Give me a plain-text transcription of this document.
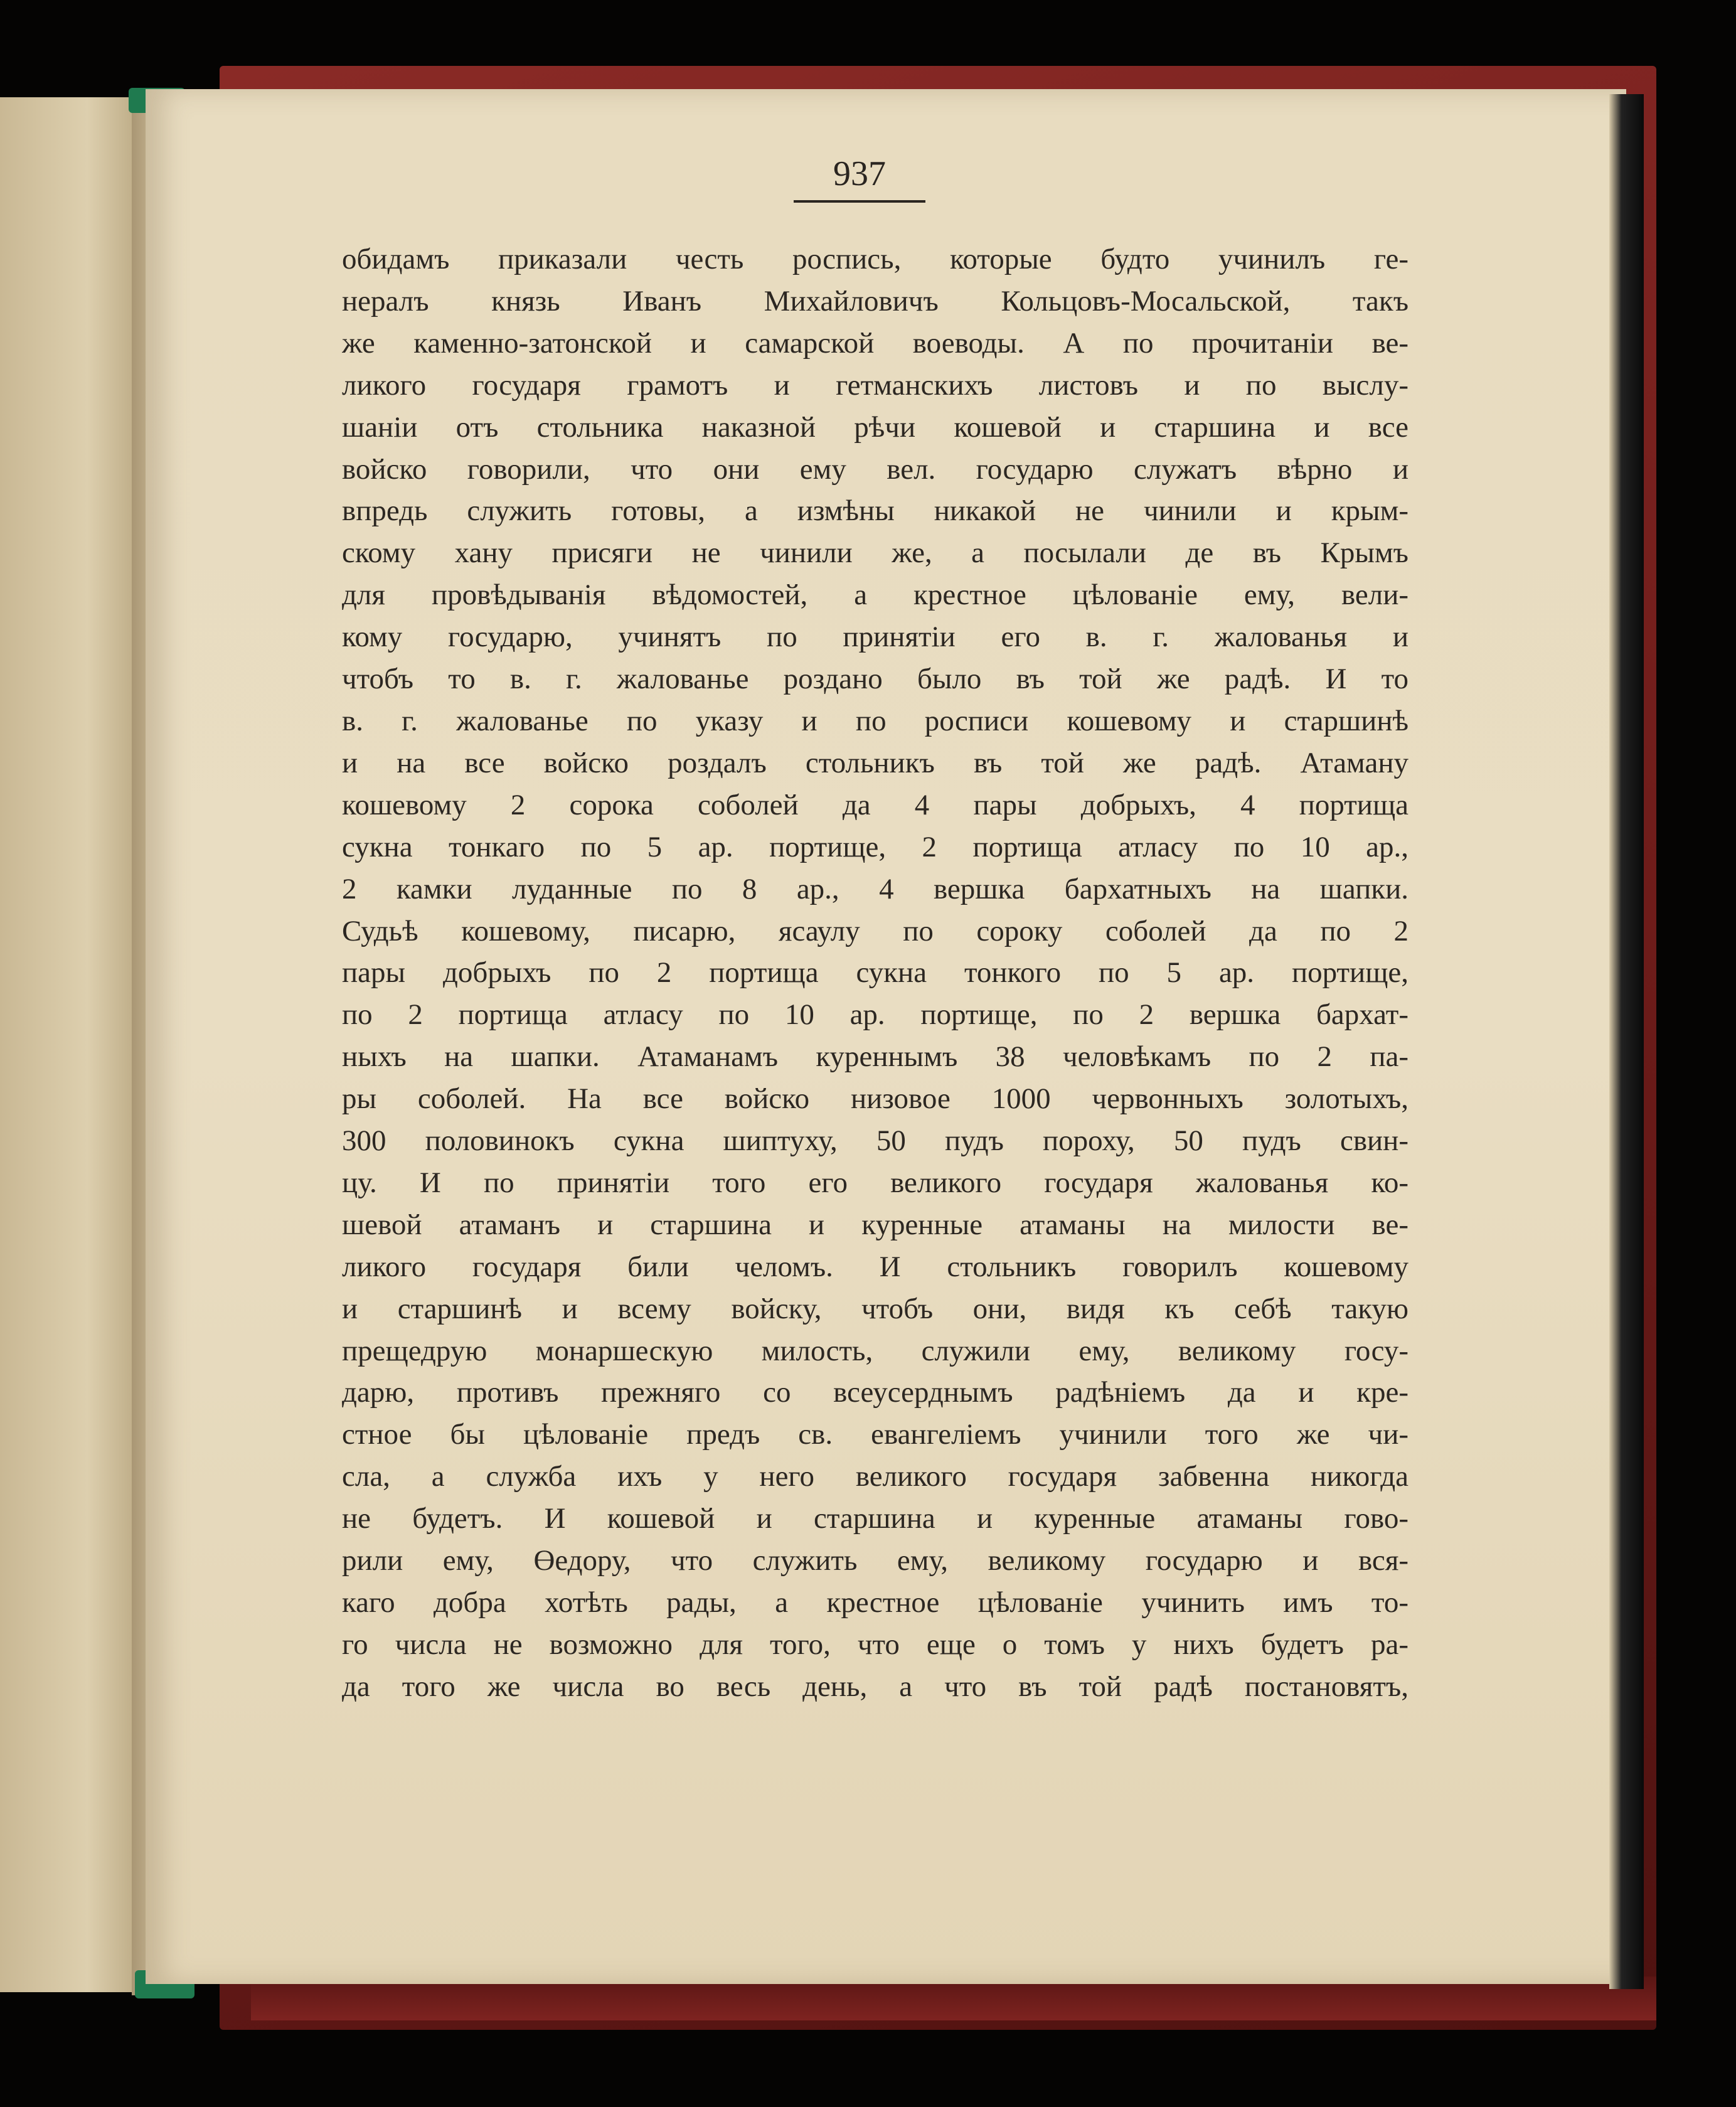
937
обидамъ приказали честь роспись, которые будто учинилъ ге-
нералъ князь Иванъ Михайловичъ Кольцовъ-Мосальской, такъ
же каменно-затонской и самарской воеводы. А по прочитаніи ве-
ликого государя грамотъ и гетманскихъ листовъ и по выслу-
шаніи отъ стольника наказной рѣчи кошевой и старшина и все
войско говорили, что они ему вел. государю служатъ вѣрно и
впредь служить готовы, а измѣны никакой не чинили и крым-
скому хану присяги не чинили же, а посылали де въ Крымъ
для провѣдыванія вѣдомостей, а крестное цѣлованіе ему, вели-
кому государю, учинятъ по принятіи его в. г. жалованья и
чтобъ то в. г. жалованье роздано было въ той же радѣ. И то
в. г. жалованье по указу и по росписи кошевому и старшинѣ
и на все войско роздалъ стольникъ въ той же радѣ. Атаману
кошевому 2 сорока соболей да 4 пары добрыхъ, 4 портища
сукна тонкаго по 5 ар. портище, 2 портища атласу по 10 ар.,
2 камки луданные по 8 ар., 4 вершка бархатныхъ на шапки.
Судьѣ кошевому, писарю, ясаулу по сороку соболей да по 2
пары добрыхъ по 2 портища сукна тонкого по 5 ар. портище,
по 2 портища атласу по 10 ар. портище, по 2 вершка бархат-
ныхъ на шапки. Атаманамъ куреннымъ 38 человѣкамъ по 2 па-
ры соболей. На все войско низовое 1000 червонныхъ золотыхъ,
300 половинокъ сукна шиптуху, 50 пудъ пороху, 50 пудъ свин-
цу. И по принятіи того его великого государя жалованья ко-
шевой атаманъ и старшина и куренные атаманы на милости ве-
ликого государя били челомъ. И стольникъ говорилъ кошевому
и старшинѣ и всему войску, чтобъ они, видя къ себѣ такую
прещедрую монаршескую милость, служили ему, великому госу-
дарю, противъ прежняго со всеусерднымъ радѣніемъ да и кре-
стное бы цѣлованіе предъ св. евангеліемъ учинили того же чи-
сла, а служба ихъ у него великого государя забвенна никогда
не будетъ. И кошевой и старшина и куренные атаманы гово-
рили ему, Өедору, что служить ему, великому государю и вся-
каго добра хотѣть рады, а крестное цѣлованіе учинить имъ то-
го числа не возможно для того, что еще о томъ у нихъ будетъ ра-
да того же числа во весь день, а что въ той радѣ постановятъ,
